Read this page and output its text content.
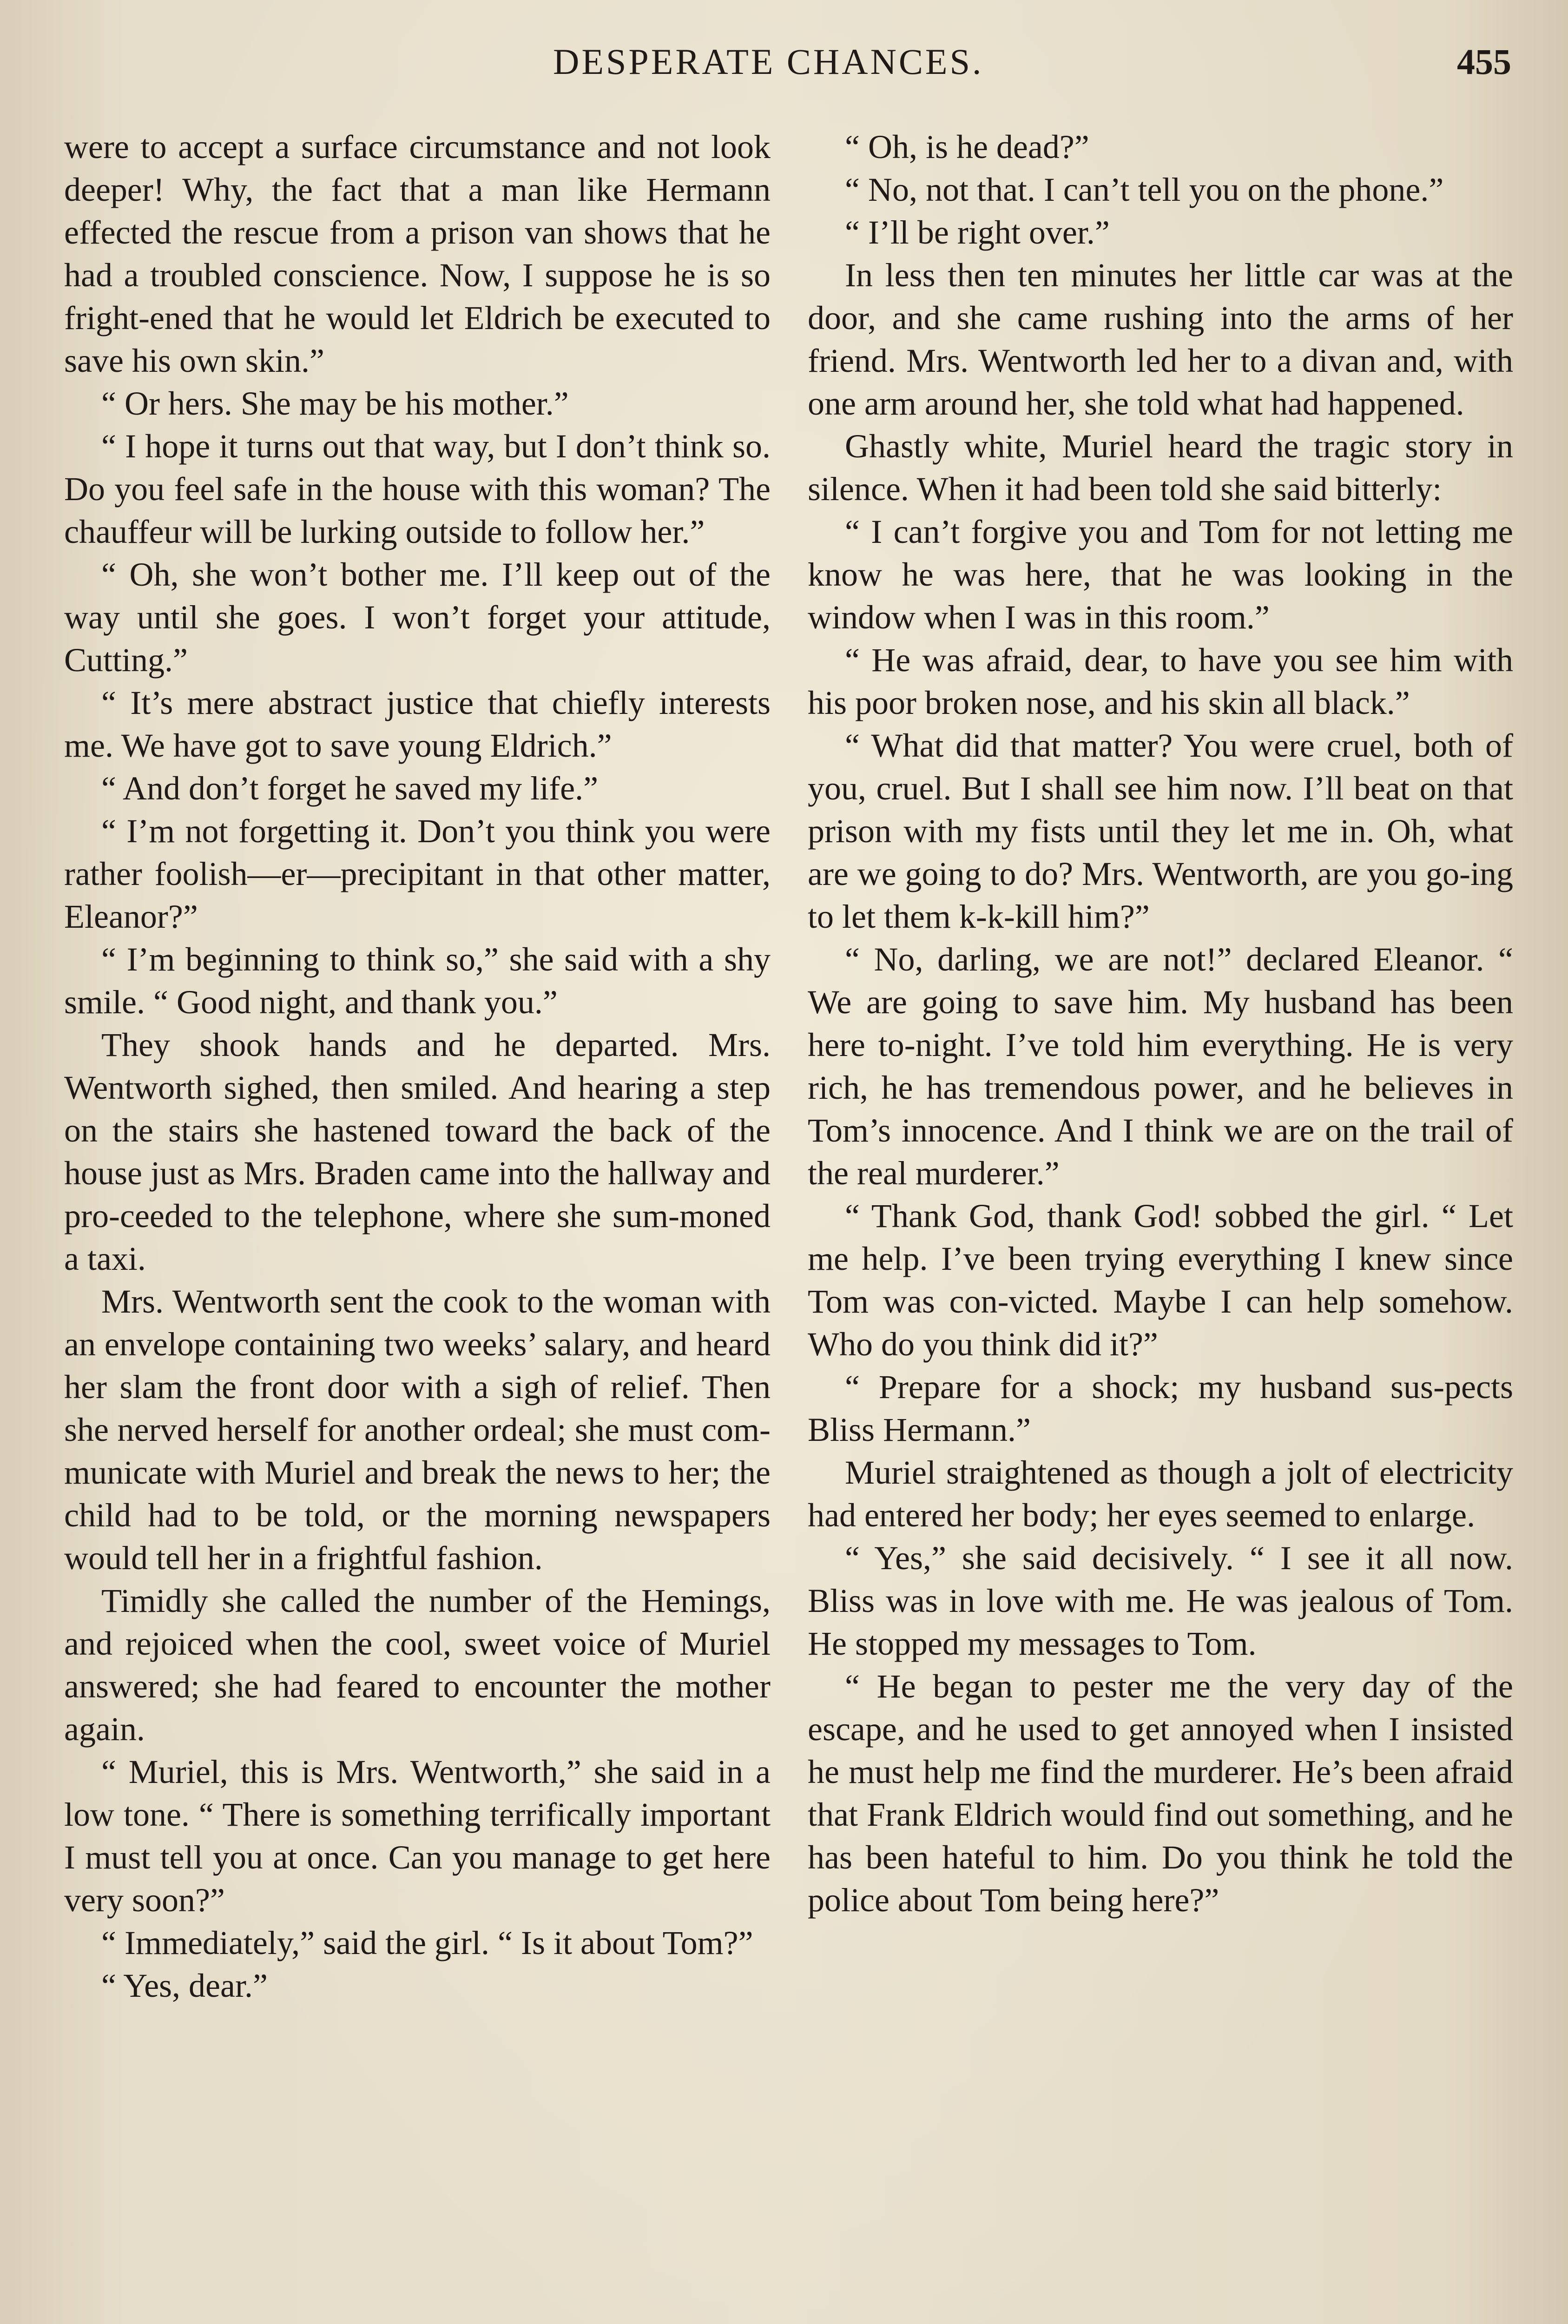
DESPERATE CHANCES.	455

were to accept a surface circumstance and not look deeper! Why, the fact that a man like Hermann effected the rescue from a prison van shows that he had a troubled conscience. Now, I suppose he is so fright-ened that he would let Eldrich be executed to save his own skin.”

“ Or hers. She may be his mother.”

“ I hope it turns out that way, but I don’t think so. Do you feel safe in the house with this woman? The chauffeur will be lurking outside to follow her.”

“ Oh, she won’t bother me. I’ll keep out of the way until she goes. I won’t forget your attitude, Cutting.”

“ It’s mere abstract justice that chiefly interests me. We have got to save young Eldrich.”

“ And don’t forget he saved my life.”

“ I’m not forgetting it. Don’t you think you were rather foolish—er—precipitant in that other matter, Eleanor?”

“ I’m beginning to think so,” she said with a shy smile. “ Good night, and thank you.”

They shook hands and he departed. Mrs. Wentworth sighed, then smiled. And hearing a step on the stairs she hastened toward the back of the house just as Mrs. Braden came into the hallway and pro-ceeded to the telephone, where she sum-moned a taxi.

Mrs. Wentworth sent the cook to the woman with an envelope containing two weeks’ salary, and heard her slam the front door with a sigh of relief. Then she nerved herself for another ordeal; she must com-municate with Muriel and break the news to her; the child had to be told, or the morning newspapers would tell her in a frightful fashion.

Timidly she called the number of the Hemings, and rejoiced when the cool, sweet voice of Muriel answered; she had feared to encounter the mother again.

“ Muriel, this is Mrs. Wentworth,” she said in a low tone. “ There is something terrifically important I must tell you at once. Can you manage to get here very soon?”

“ Immediately,” said the girl. “ Is it about Tom?”

“ Yes, dear.”

“ Oh, is he dead?”

“ No, not that. I can’t tell you on the phone.”

“ I’ll be right over.”

In less then ten minutes her little car was at the door, and she came rushing into the arms of her friend. Mrs. Wentworth led her to a divan and, with one arm around her, she told what had happened.

Ghastly white, Muriel heard the tragic story in silence. When it had been told she said bitterly:

“ I can’t forgive you and Tom for not letting me know he was here, that he was looking in the window when I was in this room.”

“ He was afraid, dear, to have you see him with his poor broken nose, and his skin all black.”

“ What did that matter? You were cruel, both of you, cruel. But I shall see him now. I’ll beat on that prison with my fists until they let me in. Oh, what are we going to do? Mrs. Wentworth, are you go-ing to let them k-k-kill him?”

“ No, darling, we are not!” declared Eleanor. “ We are going to save him. My husband has been here to-night. I’ve told him everything. He is very rich, he has tremendous power, and he believes in Tom’s innocence. And I think we are on the trail of the real murderer.”

“ Thank God, thank God! sobbed the girl. “ Let me help. I’ve been trying everything I knew since Tom was con-victed. Maybe I can help somehow. Who do you think did it?”

“ Prepare for a shock; my husband sus-pects Bliss Hermann.”

Muriel straightened as though a jolt of electricity had entered her body; her eyes seemed to enlarge.

“ Yes,” she said decisively. “ I see it all now. Bliss was in love with me. He was jealous of Tom. He stopped my messages to Tom.

“ He began to pester me the very day of the escape, and he used to get annoyed when I insisted he must help me find the murderer. He’s been afraid that Frank Eldrich would find out something, and he has been hateful to him. Do you think he told the police about Tom being here?”
